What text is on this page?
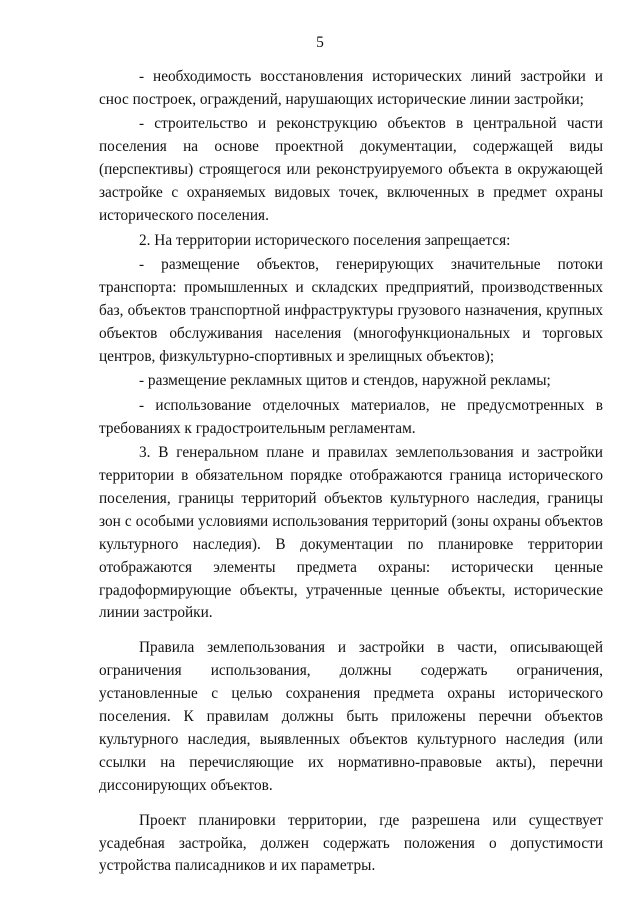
5

- необходимость восстановления исторических линий застройки и снос построек, ограждений, нарушающих исторические линии застройки;

- строительство и реконструкцию объектов в центральной части поселения на основе проектной документации, содержащей виды (перспективы) строящегося или реконструируемого объекта в окружающей застройке с охраняемых видовых точек, включенных в предмет охраны исторического поселения.

2. На территории исторического поселения запрещается:

- размещение объектов, генерирующих значительные потоки транспорта: промышленных и складских предприятий, производственных баз, объектов транспортной инфраструктуры грузового назначения, крупных объектов обслуживания населения (многофункциональных и торговых центров, физкультурно-спортивных и зрелищных объектов);

- размещение рекламных щитов и стендов, наружной рекламы;

- использование отделочных материалов, не предусмотренных в требованиях к градостроительным регламентам.

3. В генеральном плане и правилах землепользования и застройки территории в обязательном порядке отображаются граница исторического поселения, границы территорий объектов культурного наследия, границы зон с особыми условиями использования территорий (зоны охраны объектов культурного наследия). В документации по планировке территории отображаются элементы предмета охраны: исторически ценные градоформирующие объекты, утраченные ценные объекты, исторические линии застройки.

Правила землепользования и застройки в части, описывающей ограничения использования, должны содержать ограничения, установленные с целью сохранения предмета охраны исторического поселения. К правилам должны быть приложены перечни объектов культурного наследия, выявленных объектов культурного наследия (или ссылки на перечисляющие их нормативно-правовые акты), перечни диссонирующих объектов.

Проект планировки территории, где разрешена или существует усадебная застройка, должен содержать положения о допустимости устройства палисадников и их параметры.
